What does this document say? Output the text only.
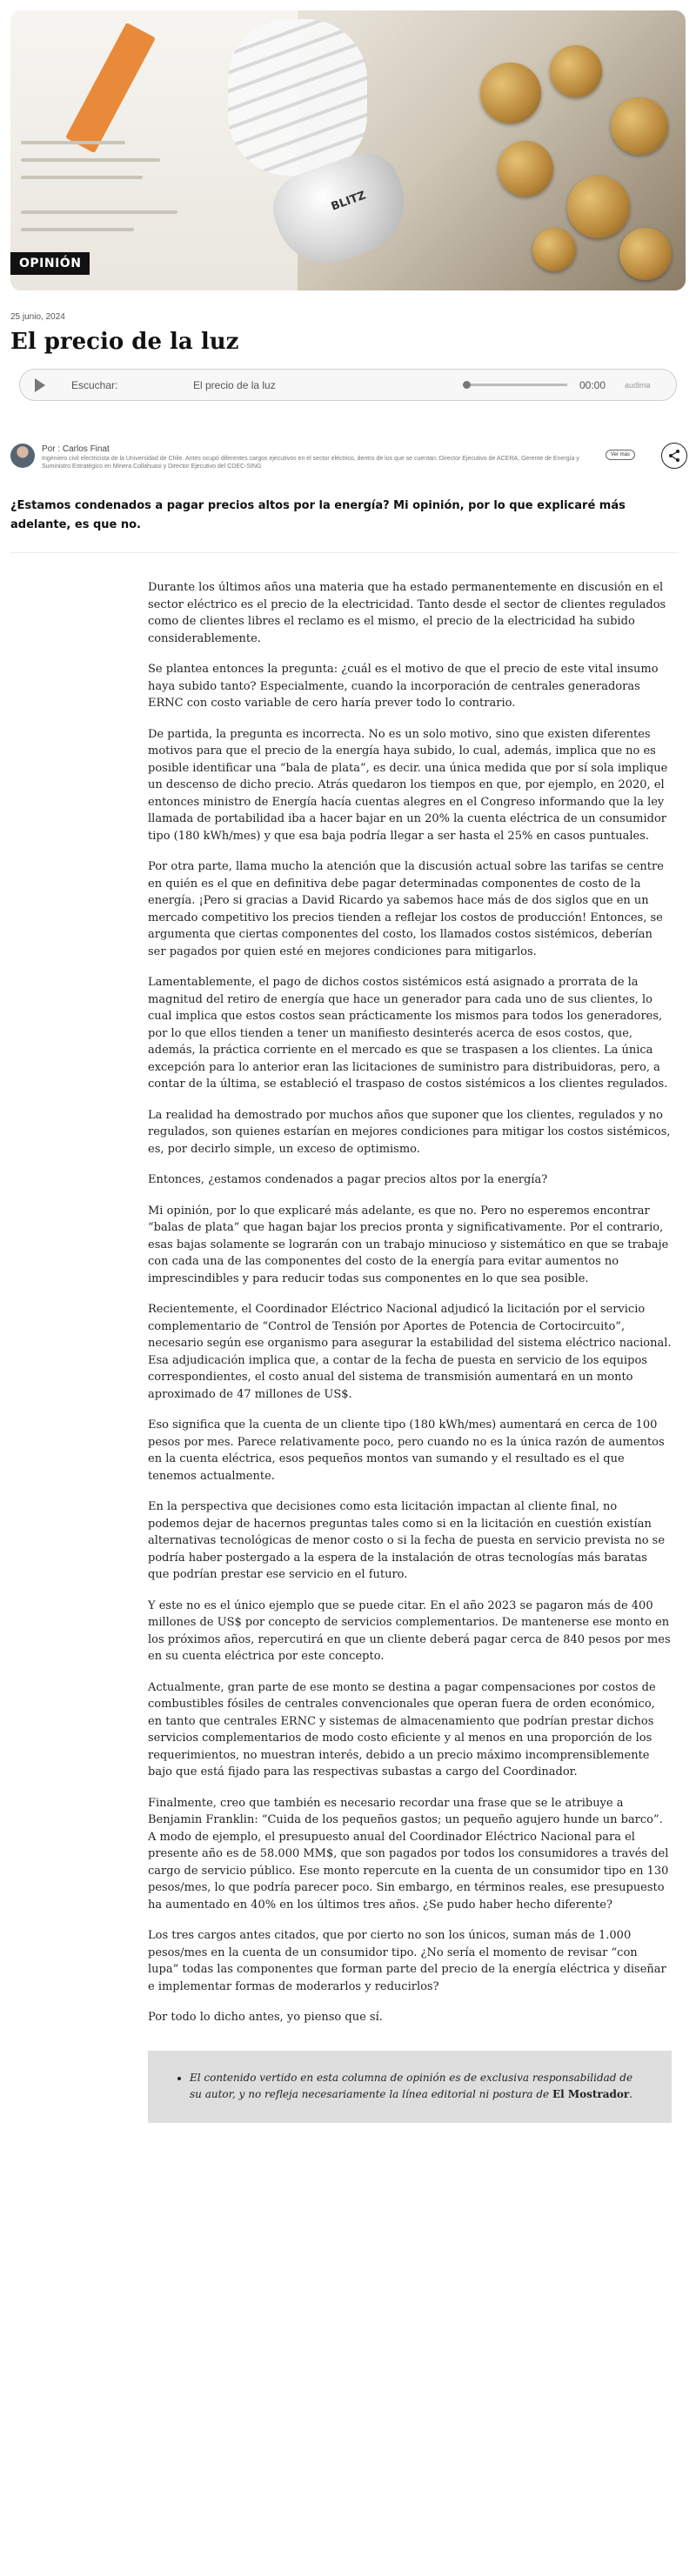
BLITZ
OPINIÓN
25 junio, 2024
El precio de la luz
Escuchar:	El precio de la luz	00:00 audima
Por : Carlos Finat
Ingeniero civil electricista de la Universidad de Chile. Antes ocupó diferentes cargos ejecutivos en el sector eléctrico, dentro de los que se cuentan: Director Ejecutivo de ACERA, Gerente de Energía y Suministro Estratégico en Minera Collahuasi y Director Ejecutivo del CDEC-SING
Ver más

¿Estamos condenados a pagar precios altos por la energía? Mi opinión, por lo que explicaré más adelante, es que no.

Durante los últimos años una materia que ha estado permanentemente en discusión en el sector eléctrico es el precio de la electricidad. Tanto desde el sector de clientes regulados como de clientes libres el reclamo es el mismo, el precio de la electricidad ha subido considerablemente.

Se plantea entonces la pregunta: ¿cuál es el motivo de que el precio de este vital insumo haya subido tanto? Especialmente, cuando la incorporación de centrales generadoras ERNC con costo variable de cero haría prever todo lo contrario.

De partida, la pregunta es incorrecta. No es un solo motivo, sino que existen diferentes motivos para que el precio de la energía haya subido, lo cual, además, implica que no es posible identificar una “bala de plata”, es decir. una única medida que por sí sola implique un descenso de dicho precio. Atrás quedaron los tiempos en que, por ejemplo, en 2020, el entonces ministro de Energía hacía cuentas alegres en el Congreso informando que la ley llamada de portabilidad iba a hacer bajar en un 20% la cuenta eléctrica de un consumidor tipo (180 kWh/mes) y que esa baja podría llegar a ser hasta el 25% en casos puntuales.

Por otra parte, llama mucho la atención que la discusión actual sobre las tarifas se centre en quién es el que en definitiva debe pagar determinadas componentes de costo de la energía. ¡Pero si gracias a David Ricardo ya sabemos hace más de dos siglos que en un mercado competitivo los precios tienden a reflejar los costos de producción! Entonces, se argumenta que ciertas componentes del costo, los llamados costos sistémicos, deberían ser pagados por quien esté en mejores condiciones para mitigarlos.

Lamentablemente, el pago de dichos costos sistémicos está asignado a prorrata de la magnitud del retiro de energía que hace un generador para cada uno de sus clientes, lo cual implica que estos costos sean prácticamente los mismos para todos los generadores, por lo que ellos tienden a tener un manifiesto desinterés acerca de esos costos, que, además, la práctica corriente en el mercado es que se traspasen a los clientes. La única excepción para lo anterior eran las licitaciones de suministro para distribuidoras, pero, a contar de la última, se estableció el traspaso de costos sistémicos a los clientes regulados.

La realidad ha demostrado por muchos años que suponer que los clientes, regulados y no regulados, son quienes estarían en mejores condiciones para mitigar los costos sistémicos, es, por decirlo simple, un exceso de optimismo.

Entonces, ¿estamos condenados a pagar precios altos por la energía?

Mi opinión, por lo que explicaré más adelante, es que no. Pero no esperemos encontrar “balas de plata” que hagan bajar los precios pronta y significativamente. Por el contrario, esas bajas solamente se lograrán con un trabajo minucioso y sistemático en que se trabaje con cada una de las componentes del costo de la energía para evitar aumentos no imprescindibles y para reducir todas sus componentes en lo que sea posible.

Recientemente, el Coordinador Eléctrico Nacional adjudicó la licitación por el servicio complementario de “Control de Tensión por Aportes de Potencia de Cortocircuito”, necesario según ese organismo para asegurar la estabilidad del sistema eléctrico nacional. Esa adjudicación implica que, a contar de la fecha de puesta en servicio de los equipos correspondientes, el costo anual del sistema de transmisión aumentará en un monto aproximado de 47 millones de US$.

Eso significa que la cuenta de un cliente tipo (180 kWh/mes) aumentará en cerca de 100 pesos por mes. Parece relativamente poco, pero cuando no es la única razón de aumentos en la cuenta eléctrica, esos pequeños montos van sumando y el resultado es el que tenemos actualmente.

En la perspectiva que decisiones como esta licitación impactan al cliente final, no podemos dejar de hacernos preguntas tales como si en la licitación en cuestión existían alternativas tecnológicas de menor costo o si la fecha de puesta en servicio prevista no se podría haber postergado a la espera de la instalación de otras tecnologías más baratas que podrían prestar ese servicio en el futuro.

Y este no es el único ejemplo que se puede citar. En el año 2023 se pagaron más de 400 millones de US$ por concepto de servicios complementarios. De mantenerse ese monto en los próximos años, repercutirá en que un cliente deberá pagar cerca de 840 pesos por mes en su cuenta eléctrica por este concepto.

Actualmente, gran parte de ese monto se destina a pagar compensaciones por costos de combustibles fósiles de centrales convencionales que operan fuera de orden económico, en tanto que centrales ERNC y sistemas de almacenamiento que podrían prestar dichos servicios complementarios de modo costo eficiente y al menos en una proporción de los requerimientos, no muestran interés, debido a un precio máximo incomprensiblemente bajo que está fijado para las respectivas subastas a cargo del Coordinador.

Finalmente, creo que también es necesario recordar una frase que se le atribuye a Benjamin Franklin: “Cuida de los pequeños gastos; un pequeño agujero hunde un barco”. A modo de ejemplo, el presupuesto anual del Coordinador Eléctrico Nacional para el presente año es de 58.000 MM$, que son pagados por todos los consumidores a través del cargo de servicio público. Ese monto repercute en la cuenta de un consumidor tipo en 130 pesos/mes, lo que podría parecer poco. Sin embargo, en términos reales, ese presupuesto ha aumentado en 40% en los últimos tres años. ¿Se pudo haber hecho diferente?

Los tres cargos antes citados, que por cierto no son los únicos, suman más de 1.000 pesos/mes en la cuenta de un consumidor tipo. ¿No sería el momento de revisar “con lupa” todas las componentes que forman parte del precio de la energía eléctrica y diseñar e implementar formas de moderarlos y reducirlos?

Por todo lo dicho antes, yo pienso que sí.

• El contenido vertido en esta columna de opinión es de exclusiva responsabilidad de su autor, y no refleja necesariamente la línea editorial ni postura de El Mostrador.
